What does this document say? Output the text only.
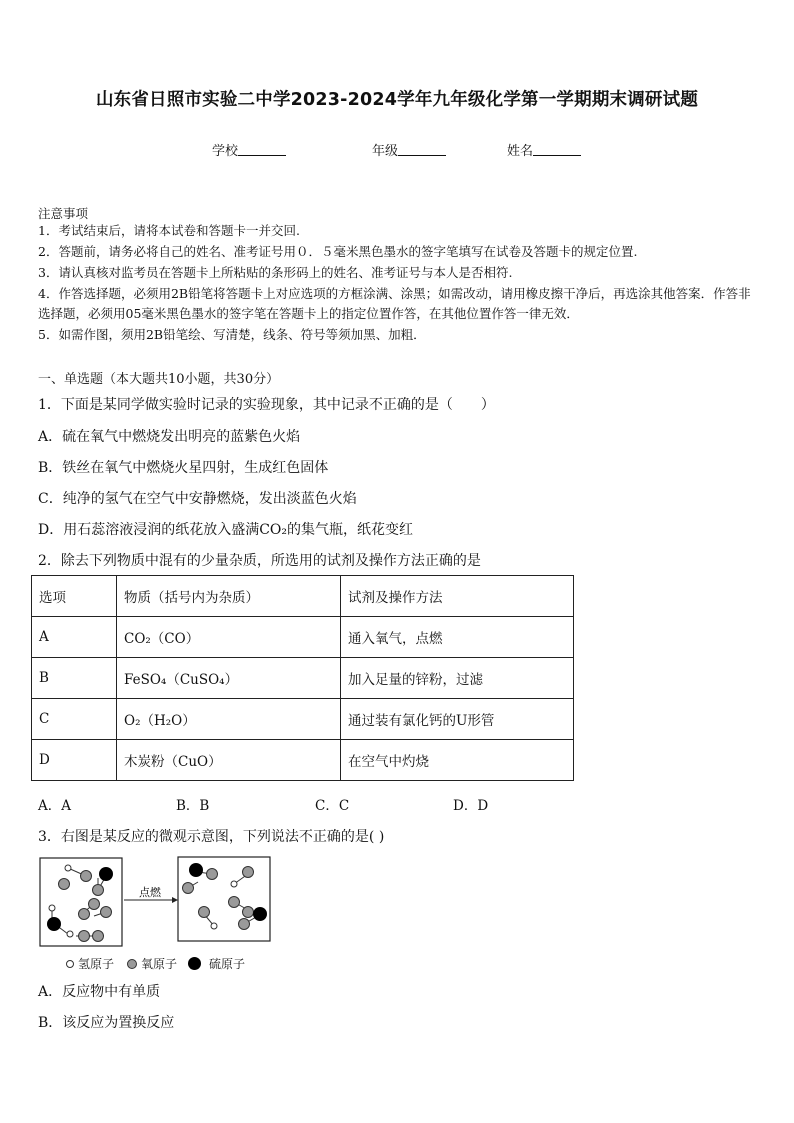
山东省日照市实验二中学2023-2024学年九年级化学第一学期期末调研试题
学校	年级	姓名
注意事项
1．考试结束后，请将本试卷和答题卡一并交回.
2．答题前，请务必将自己的姓名、准考证号用０．５毫米黑色墨水的签字笔填写在试卷及答题卡的规定位置.
3．请认真核对监考员在答题卡上所粘贴的条形码上的姓名、准考证号与本人是否相符.
4．作答选择题，必须用2B铅笔将答题卡上对应选项的方框涂满、涂黑；如需改动，请用橡皮擦干净后，再选涂其他答案．作答非选择题，必须用05毫米黑色墨水的签字笔在答题卡上的指定位置作答，在其他位置作答一律无效．
5．如需作图，须用2B铅笔绘、写清楚，线条、符号等须加黑、加粗．
一、单选题（本大题共10小题，共30分）
1．下面是某同学做实验时记录的实验现象，其中记录不正确的是（　　）
A．硫在氧气中燃烧发出明亮的蓝紫色火焰
B．铁丝在氧气中燃烧火星四射，生成红色固体
C．纯净的氢气在空气中安静燃烧，发出淡蓝色火焰
D．用石蕊溶液浸润的纸花放入盛满CO₂的集气瓶，纸花变红
2．除去下列物质中混有的少量杂质，所选用的试剂及操作方法正确的是
选项	物质（括号内为杂质）	试剂及操作方法
A	CO₂（CO）	通入氧气，点燃
B	FeSO₄（CuSO₄）	加入足量的锌粉，过滤
C	O₂（H₂O）	通过装有氯化钙的U形管
D	木炭粉（CuO）	在空气中灼烧
A．A	B．B	C．C	D．D
3．右图是某反应的微观示意图，下列说法不正确的是( )
点燃
氢原子 氧原子	硫原子
A．反应物中有单质
B．该反应为置换反应
